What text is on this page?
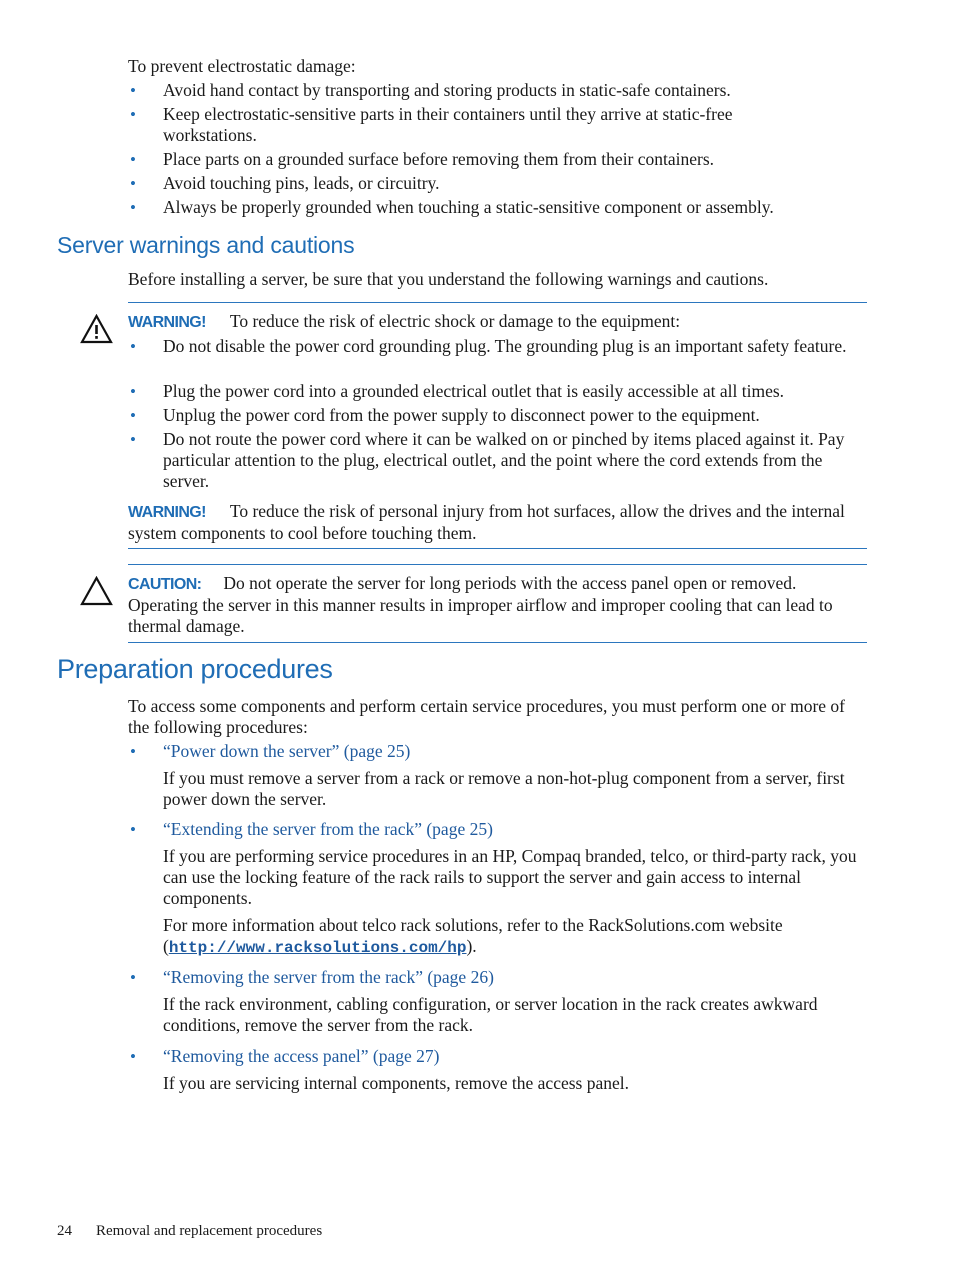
To prevent electrostatic damage:
• Avoid hand contact by transporting and storing products in static-safe containers.
• Keep electrostatic-sensitive parts in their containers until they arrive at static-free workstations.
• Place parts on a grounded surface before removing them from their containers.
• Avoid touching pins, leads, or circuitry.
• Always be properly grounded when touching a static-sensitive component or assembly.
Server warnings and cautions
Before installing a server, be sure that you understand the following warnings and cautions.
WARNING! To reduce the risk of electric shock or damage to the equipment:
• Do not disable the power cord grounding plug. The grounding plug is an important safety feature.
• Plug the power cord into a grounded electrical outlet that is easily accessible at all times.
• Unplug the power cord from the power supply to disconnect power to the equipment.
• Do not route the power cord where it can be walked on or pinched by items placed against it. Pay particular attention to the plug, electrical outlet, and the point where the cord extends from the server.
WARNING! To reduce the risk of personal injury from hot surfaces, allow the drives and the internal system components to cool before touching them.
CAUTION: Do not operate the server for long periods with the access panel open or removed. Operating the server in this manner results in improper airflow and improper cooling that can lead to thermal damage.
Preparation procedures
To access some components and perform certain service procedures, you must perform one or more of the following procedures:
• “Power down the server” (page 25)
If you must remove a server from a rack or remove a non-hot-plug component from a server, first power down the server.
• “Extending the server from the rack” (page 25)
If you are performing service procedures in an HP, Compaq branded, telco, or third-party rack, you can use the locking feature of the rack rails to support the server and gain access to internal components.
For more information about telco rack solutions, refer to the RackSolutions.com website (http://www.racksolutions.com/hp).
• “Removing the server from the rack” (page 26)
If the rack environment, cabling configuration, or server location in the rack creates awkward conditions, remove the server from the rack.
• “Removing the access panel” (page 27)
If you are servicing internal components, remove the access panel.
24 Removal and replacement procedures
